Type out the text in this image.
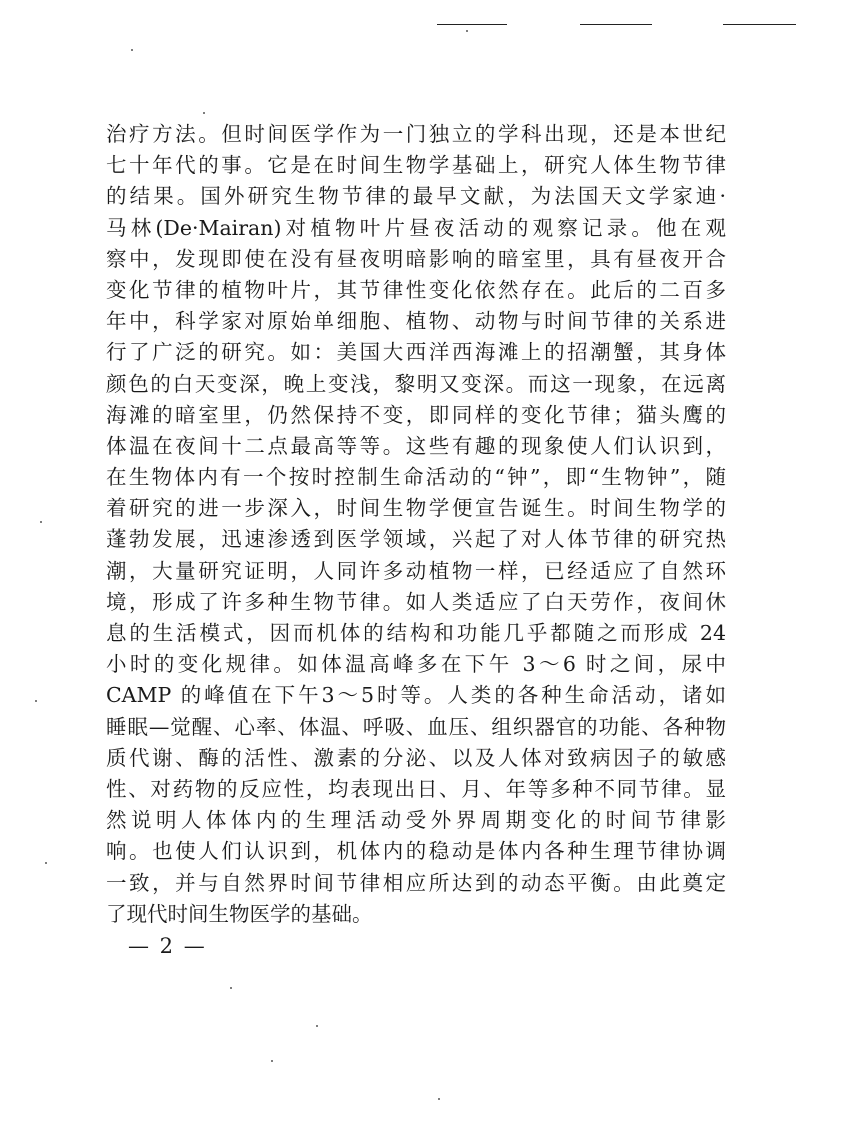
治疗方法。但时间医学作为一门独立的学科出现，还是本世纪
七十年代的事。它是在时间生物学基础上，研究人体生物节律
的结果。国外研究生物节律的最早文献，为法国天文学家迪·
马林(De·Mairan)对植物叶片昼夜活动的观察记录。他在观
察中，发现即使在没有昼夜明暗影响的暗室里，具有昼夜开合
变化节律的植物叶片，其节律性变化依然存在。此后的二百多
年中，科学家对原始单细胞、植物、动物与时间节律的关系进
行了广泛的研究。如：美国大西洋西海滩上的招潮蟹，其身体
颜色的白天变深，晚上变浅，黎明又变深。而这一现象，在远离
海滩的暗室里，仍然保持不变，即同样的变化节律；猫头鹰的
体温在夜间十二点最高等等。这些有趣的现象使人们认识到，
在生物体内有一个按时控制生命活动的“钟”，即“生物钟”，随
着研究的进一步深入，时间生物学便宣告诞生。时间生物学的
蓬勃发展，迅速渗透到医学领域，兴起了对人体节律的研究热
潮，大量研究证明，人同许多动植物一样，已经适应了自然环
境，形成了许多种生物节律。如人类适应了白天劳作，夜间休
息的生活模式，因而机体的结构和功能几乎都随之而形成 24
小时的变化规律。如体温高峰多在下午 3～6 时之间，尿中
CAMP 的峰值在下午3～5时等。人类的各种生命活动，诸如
睡眠—觉醒、心率、体温、呼吸、血压、组织器官的功能、各种物
质代谢、酶的活性、激素的分泌、以及人体对致病因子的敏感
性、对药物的反应性，均表现出日、月、年等多种不同节律。显
然说明人体体内的生理活动受外界周期变化的时间节律影
响。也使人们认识到，机体内的稳动是体内各种生理节律协调
一致，并与自然界时间节律相应所达到的动态平衡。由此奠定
了现代时间生物医学的基础。
— 2 —
